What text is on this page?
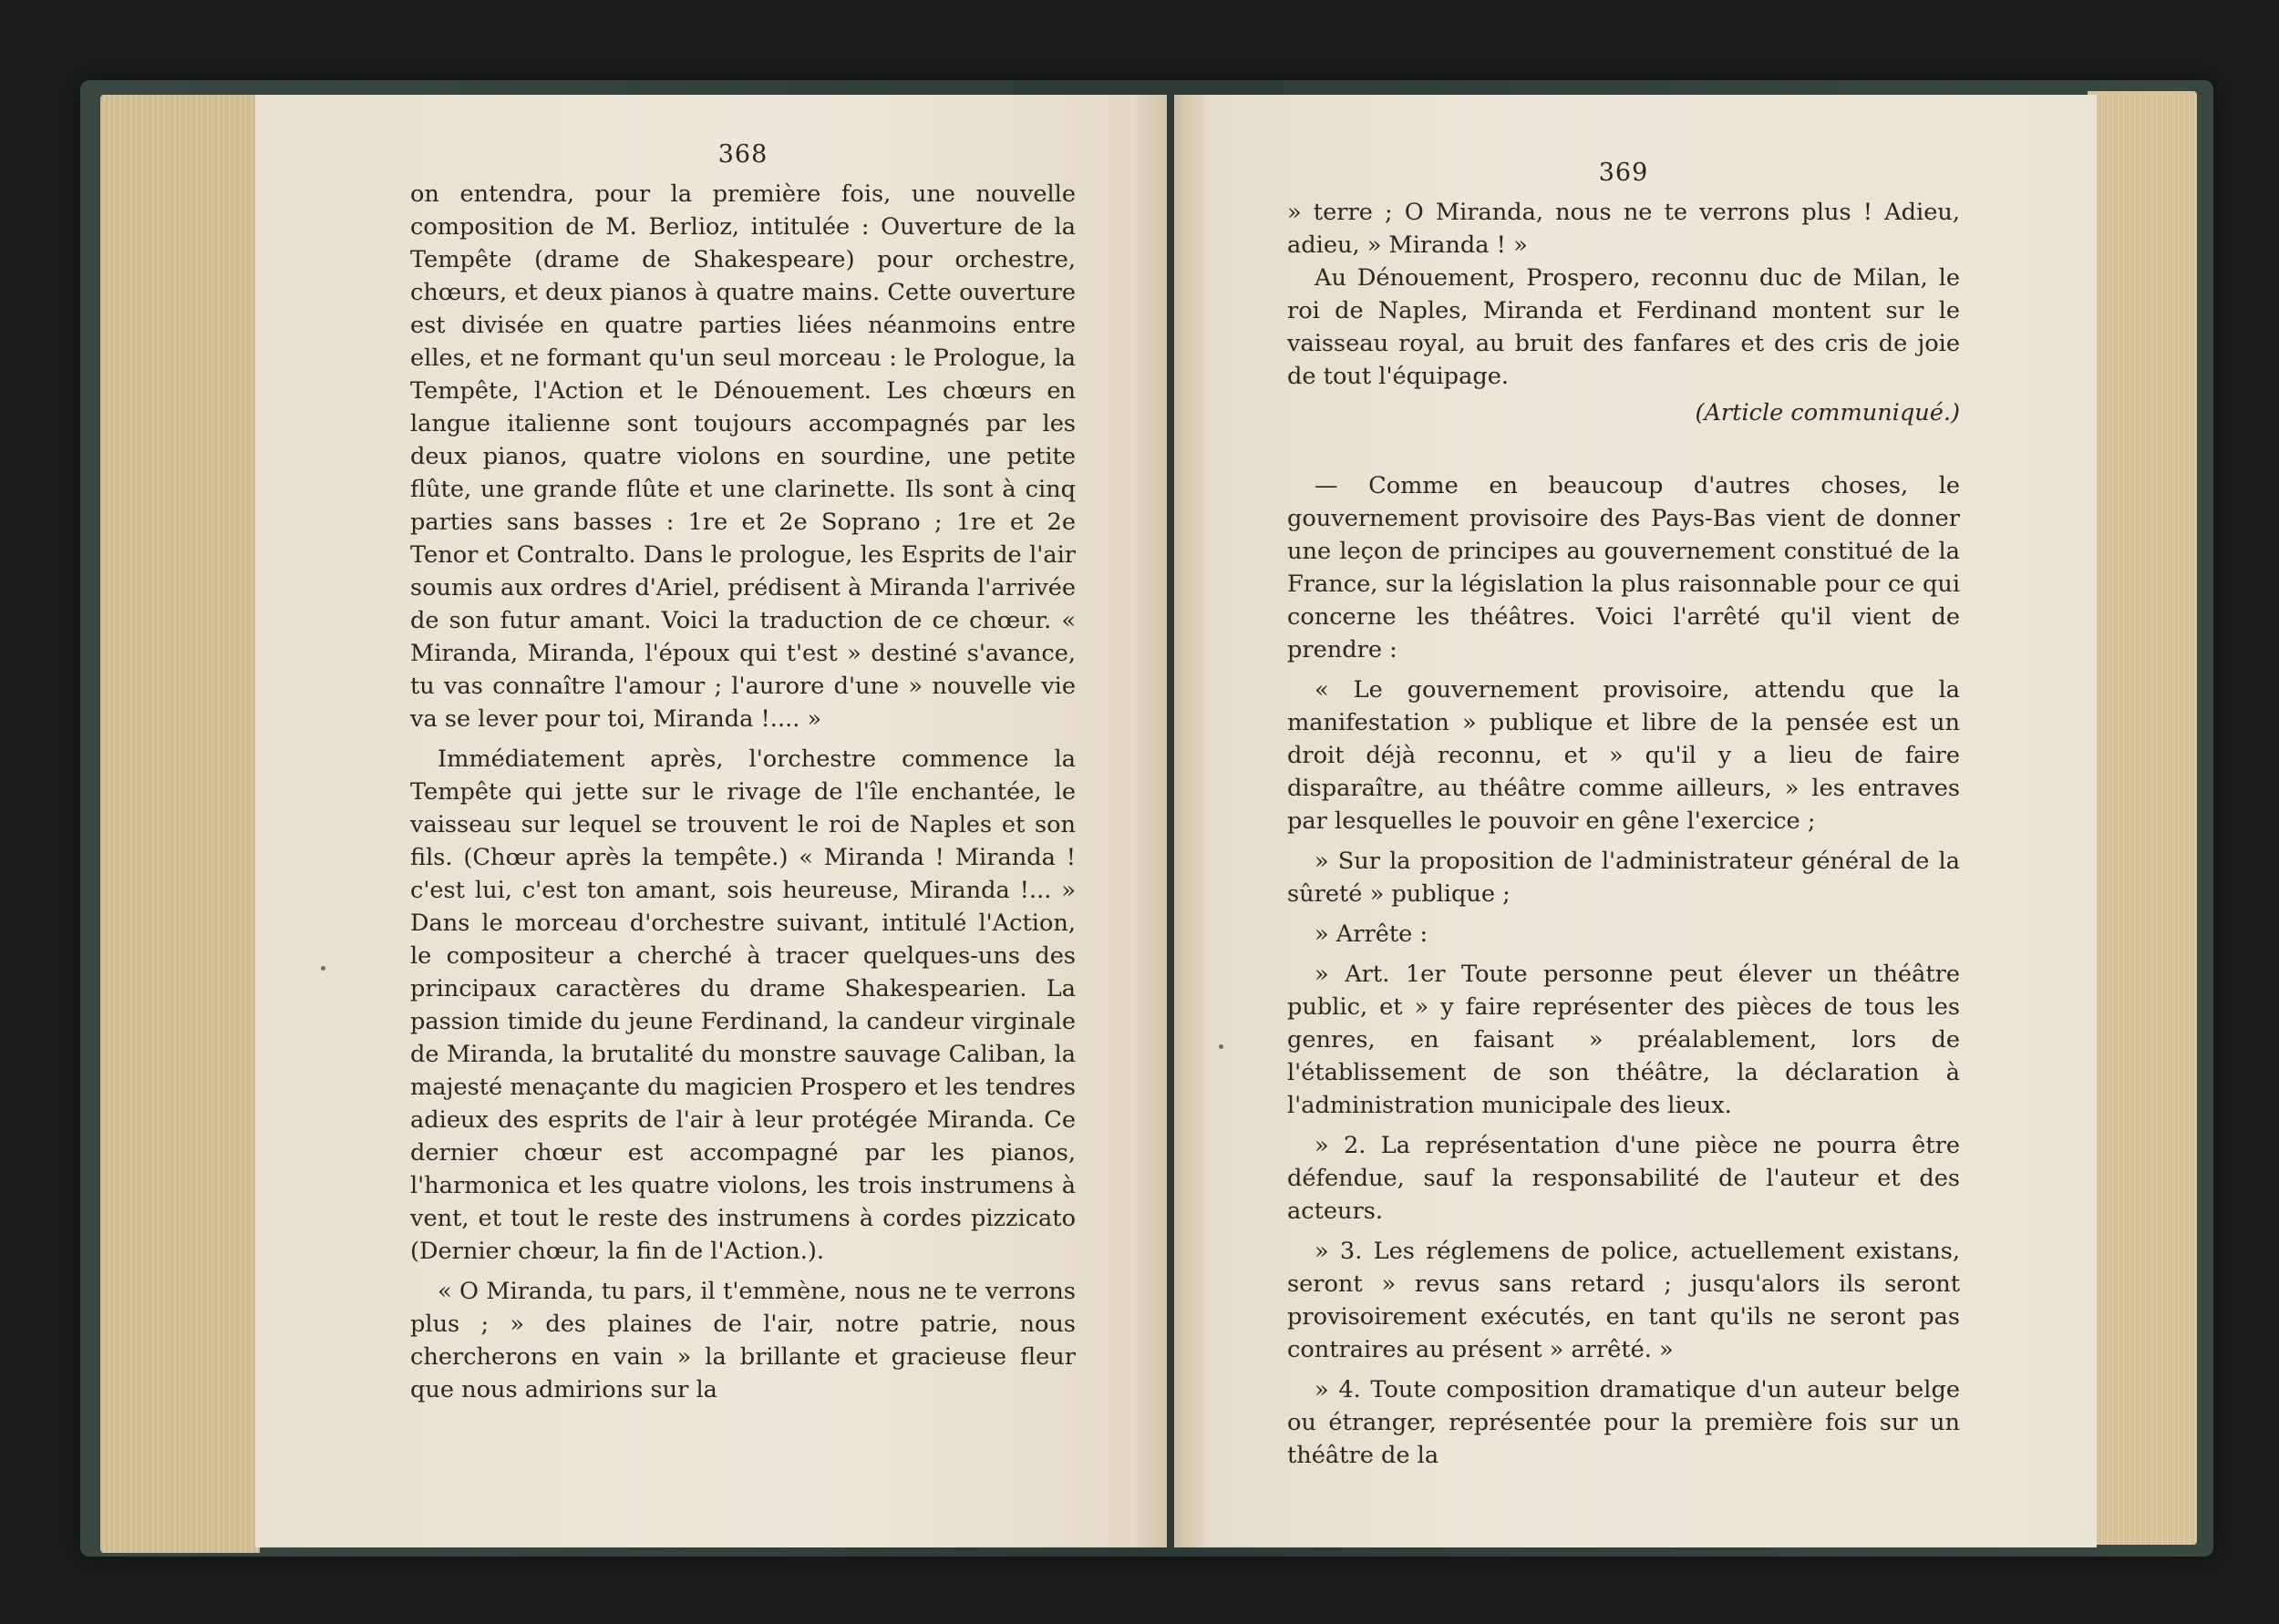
368

on entendra, pour la première fois, une nouvelle composition de M. Berlioz, intitulée : Ouverture de la Tempête (drame de Shakespeare) pour orchestre, chœurs, et deux pianos à quatre mains. Cette ouverture est divisée en quatre parties liées néanmoins entre elles, et ne formant qu'un seul morceau : le Prologue, la Tempête, l'Action et le Dénouement. Les chœurs en langue italienne sont toujours accompagnés par les deux pianos, quatre violons en sourdine, une petite flûte, une grande flûte et une clarinette. Ils sont à cinq parties sans basses : 1re et 2e Soprano ; 1re et 2e Tenor et Contralto. Dans le prologue, les Esprits de l'air soumis aux ordres d'Ariel, prédisent à Miranda l'arrivée de son futur amant. Voici la traduction de ce chœur. « Miranda, Miranda, l'époux qui t'est » destiné s'avance, tu vas connaître l'amour ; l'aurore d'une » nouvelle vie va se lever pour toi, Miranda !.... »

Immédiatement après, l'orchestre commence la Tempête qui jette sur le rivage de l'île enchantée, le vaisseau sur lequel se trouvent le roi de Naples et son fils. (Chœur après la tempête.) « Miranda ! Miranda ! c'est lui, c'est ton amant, sois heureuse, Miranda !... » Dans le morceau d'orchestre suivant, intitulé l'Action, le compositeur a cherché à tracer quelques-uns des principaux caractères du drame Shakespearien. La passion timide du jeune Ferdinand, la candeur virginale de Miranda, la brutalité du monstre sauvage Caliban, la majesté menaçante du magicien Prospero et les tendres adieux des esprits de l'air à leur protégée Miranda. Ce dernier chœur est accompagné par les pianos, l'harmonica et les quatre violons, les trois instrumens à vent, et tout le reste des instrumens à cordes pizzicato (Dernier chœur, la fin de l'Action.).

« O Miranda, tu pars, il t'emmène, nous ne te verrons plus ; » des plaines de l'air, notre patrie, nous chercherons en vain » la brillante et gracieuse fleur que nous admirions sur la

369

» terre ; O Miranda, nous ne te verrons plus ! Adieu, adieu, » Miranda ! »

Au Dénouement, Prospero, reconnu duc de Milan, le roi de Naples, Miranda et Ferdinand montent sur le vaisseau royal, au bruit des fanfares et des cris de joie de tout l'équipage.

(Article communiqué.)

— Comme en beaucoup d'autres choses, le gouvernement provisoire des Pays-Bas vient de donner une leçon de principes au gouvernement constitué de la France, sur la législation la plus raisonnable pour ce qui concerne les théâtres. Voici l'arrêté qu'il vient de prendre :

« Le gouvernement provisoire, attendu que la manifestation » publique et libre de la pensée est un droit déjà reconnu, et » qu'il y a lieu de faire disparaître, au théâtre comme ailleurs, » les entraves par lesquelles le pouvoir en gêne l'exercice ;

» Sur la proposition de l'administrateur général de la sûreté » publique ;

» Arrête :

» Art. 1er Toute personne peut élever un théâtre public, et » y faire représenter des pièces de tous les genres, en faisant » préalablement, lors de l'établissement de son théâtre, la déclaration à l'administration municipale des lieux.

» 2. La représentation d'une pièce ne pourra être défendue, sauf la responsabilité de l'auteur et des acteurs.

» 3. Les réglemens de police, actuellement existans, seront » revus sans retard ; jusqu'alors ils seront provisoirement exécutés, en tant qu'ils ne seront pas contraires au présent » arrêté. »

» 4. Toute composition dramatique d'un auteur belge ou étranger, représentée pour la première fois sur un théâtre de la
